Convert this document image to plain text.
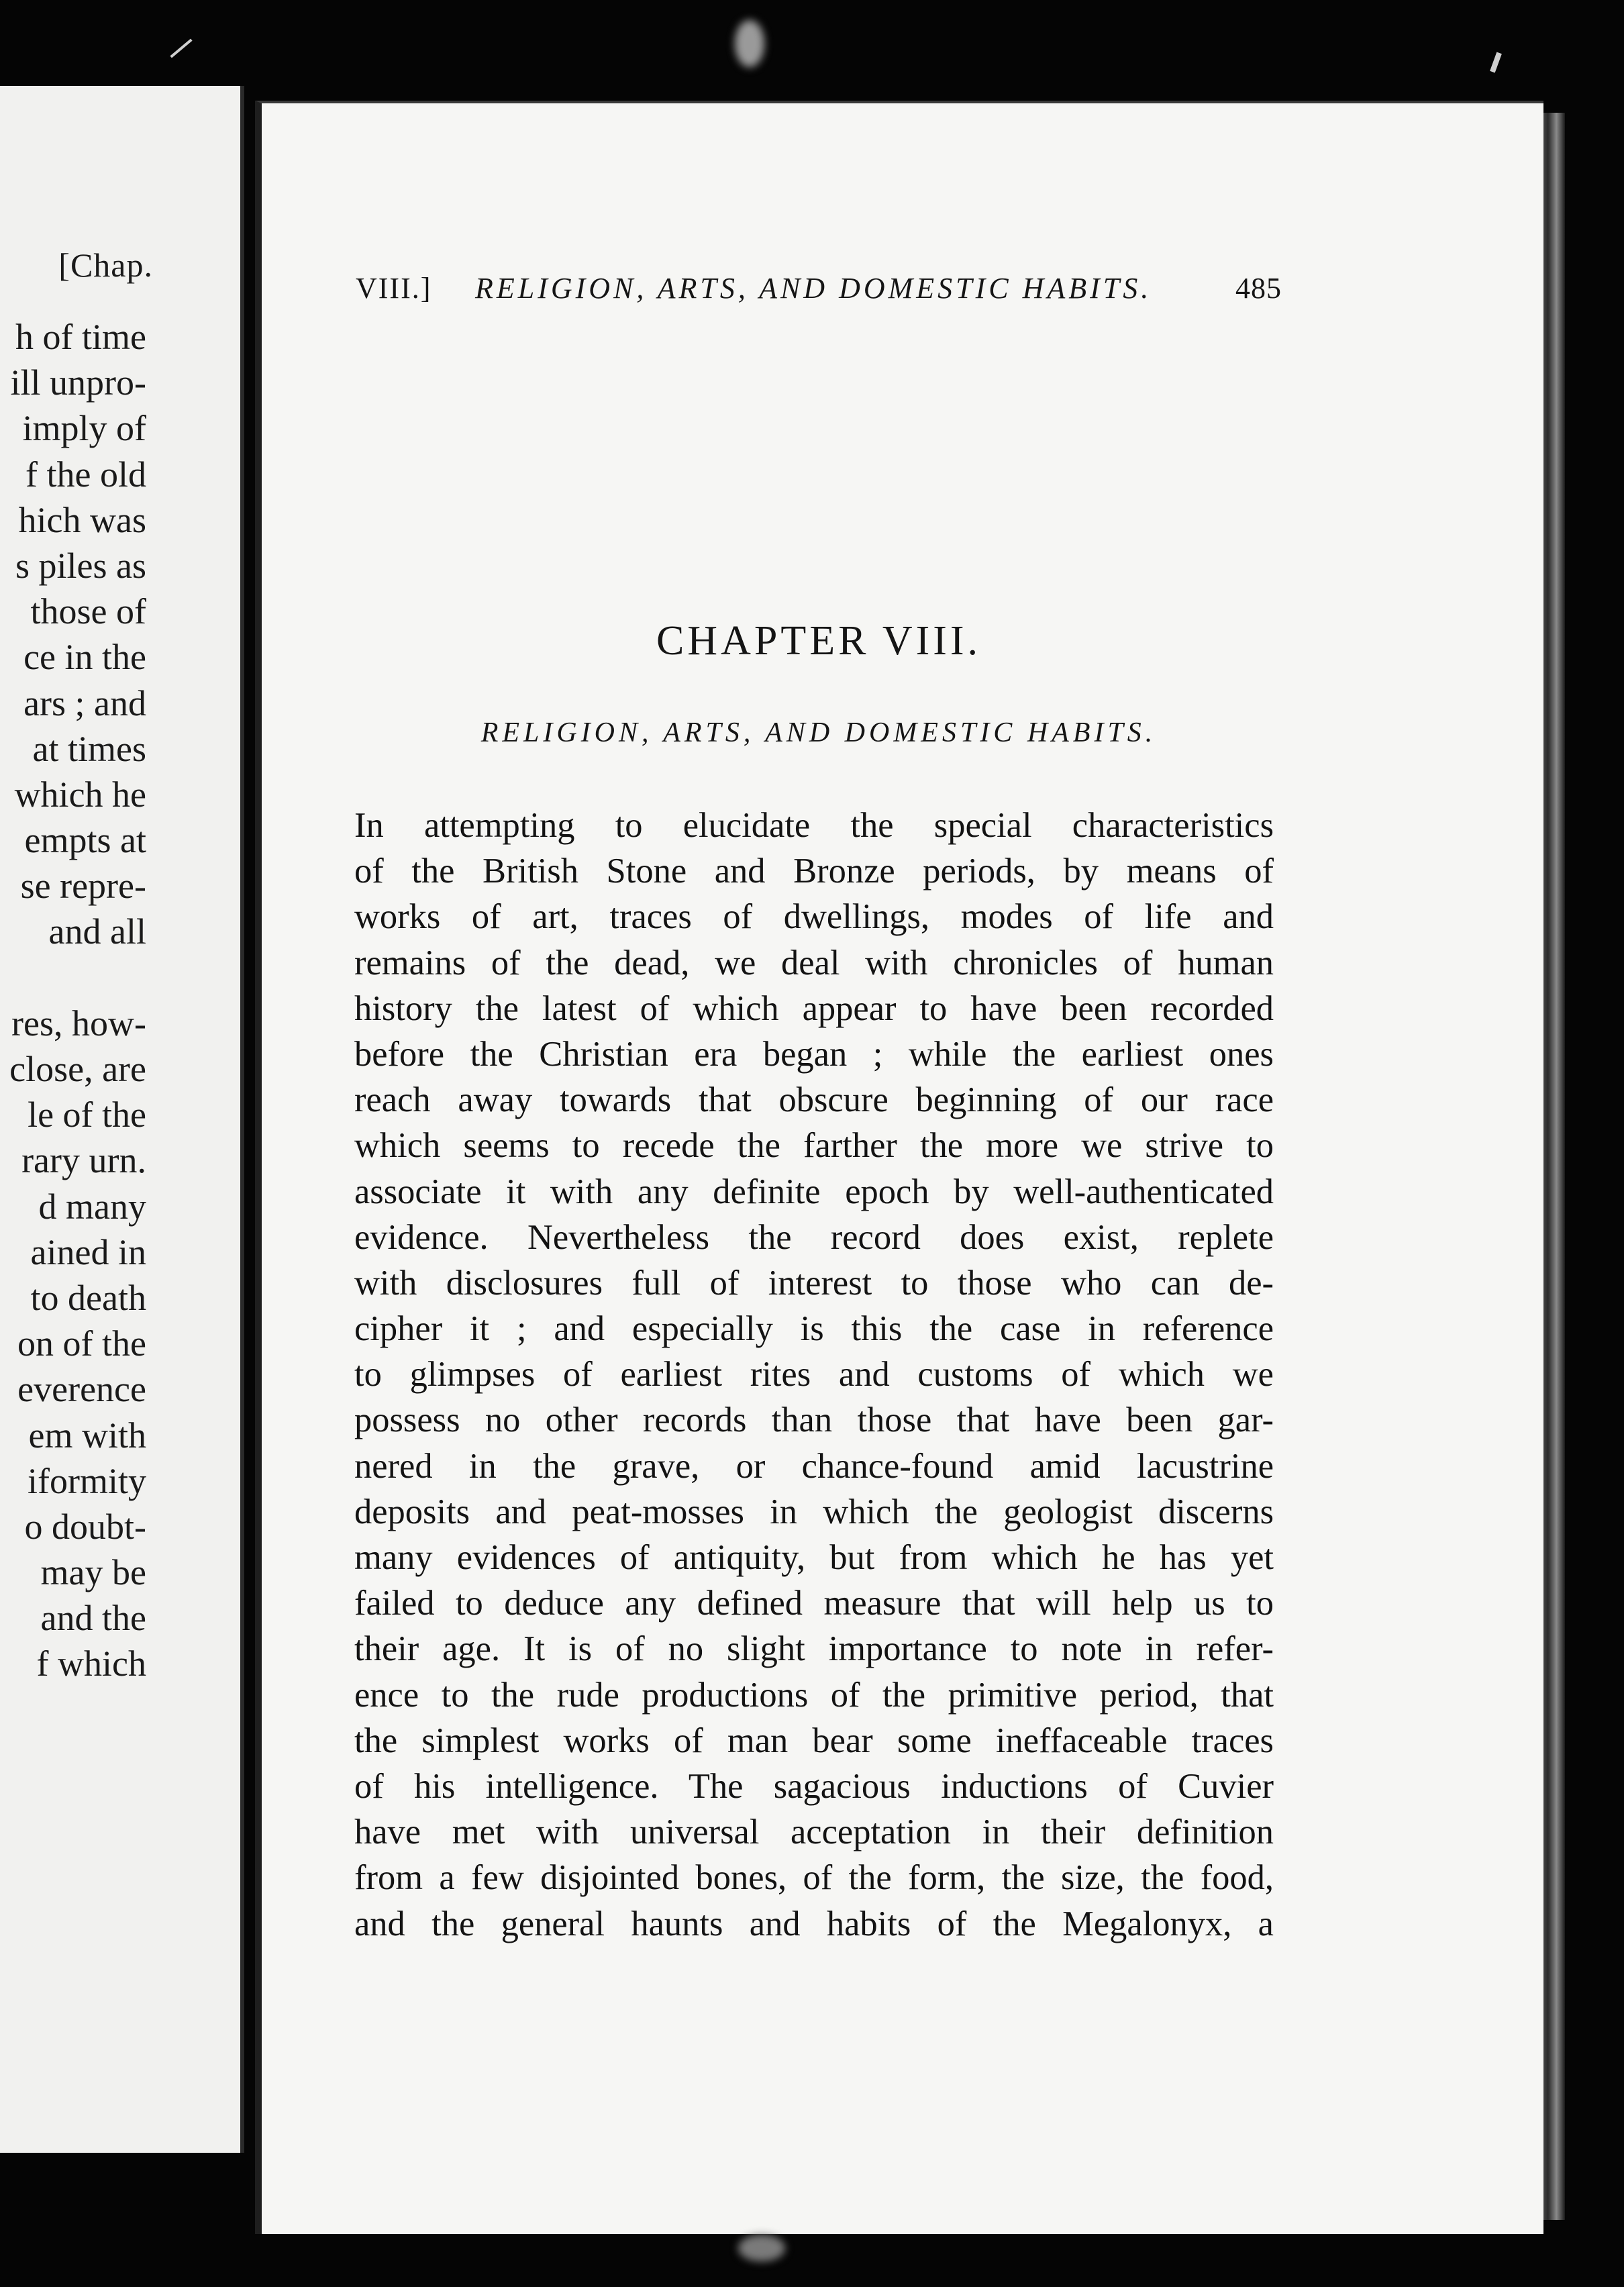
[Chap.
h of time
ill unpro-
imply of
f the old
hich was
s piles as
those of
ce in the
ars ; and
at times
which he
empts at
se repre-
and all
res, how-
close, are
le of the
rary urn.
d many
ained in
to death
on of the
everence
em with
iformity
o doubt-
may be
and the
f which
VIII.] RELIGION, ARTS, AND DOMESTIC HABITS.	485
CHAPTER VIII.
RELIGION, ARTS, AND DOMESTIC HABITS.
In attempting to elucidate the special characteristics
of the British Stone and Bronze periods, by means of
works of art, traces of dwellings, modes of life and
remains of the dead, we deal with chronicles of human
history the latest of which appear to have been recorded
before the Christian era began ; while the earliest ones
reach away towards that obscure beginning of our race
which seems to recede the farther the more we strive to
associate it with any definite epoch by well-authenticated
evidence. Nevertheless the record does exist, replete
with disclosures full of interest to those who can de-
cipher it ; and especially is this the case in reference
to glimpses of earliest rites and customs of which we
possess no other records than those that have been gar-
nered in the grave, or chance-found amid lacustrine
deposits and peat-mosses in which the geologist discerns
many evidences of antiquity, but from which he has yet
failed to deduce any defined measure that will help us to
their age. It is of no slight importance to note in refer-
ence to the rude productions of the primitive period, that
the simplest works of man bear some ineffaceable traces
of his intelligence. The sagacious inductions of Cuvier
have met with universal acceptation in their definition
from a few disjointed bones, of the form, the size, the food,
and the general haunts and habits of the Megalonyx, a
